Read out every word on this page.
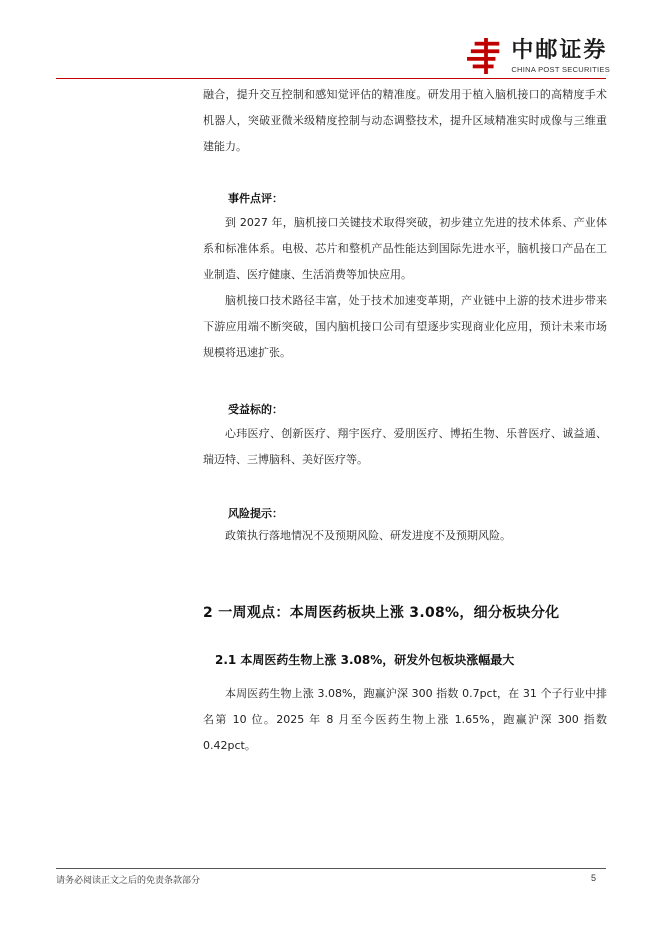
中邮证券
CHINA POST SECURITIES

融合，提升交互控制和感知觉评估的精准度。研发用于植入脑机接口的高精度手术机器人，突破亚微米级精度控制与动态调整技术，提升区域精准实时成像与三维重建能力。

事件点评：

到 2027 年，脑机接口关键技术取得突破，初步建立先进的技术体系、产业体系和标准体系。电极、芯片和整机产品性能达到国际先进水平，脑机接口产品在工业制造、医疗健康、生活消费等加快应用。

脑机接口技术路径丰富，处于技术加速变革期，产业链中上游的技术进步带来下游应用端不断突破，国内脑机接口公司有望逐步实现商业化应用，预计未来市场规模将迅速扩张。

受益标的：

心玮医疗、创新医疗、翔宇医疗、爱朋医疗、博拓生物、乐普医疗、诚益通、瑞迈特、三博脑科、美好医疗等。

风险提示：

政策执行落地情况不及预期风险、研发进度不及预期风险。

2 一周观点：本周医药板块上涨 3.08%，细分板块分化
2.1 本周医药生物上涨 3.08%，研发外包板块涨幅最大

本周医药生物上涨 3.08%，跑赢沪深 300 指数 0.7pct，在 31 个子行业中排名第 10 位。2025 年 8 月至今医药生物上涨 1.65%，跑赢沪深 300 指数 0.42pct。

请务必阅读正文之后的免责条款部分	5
